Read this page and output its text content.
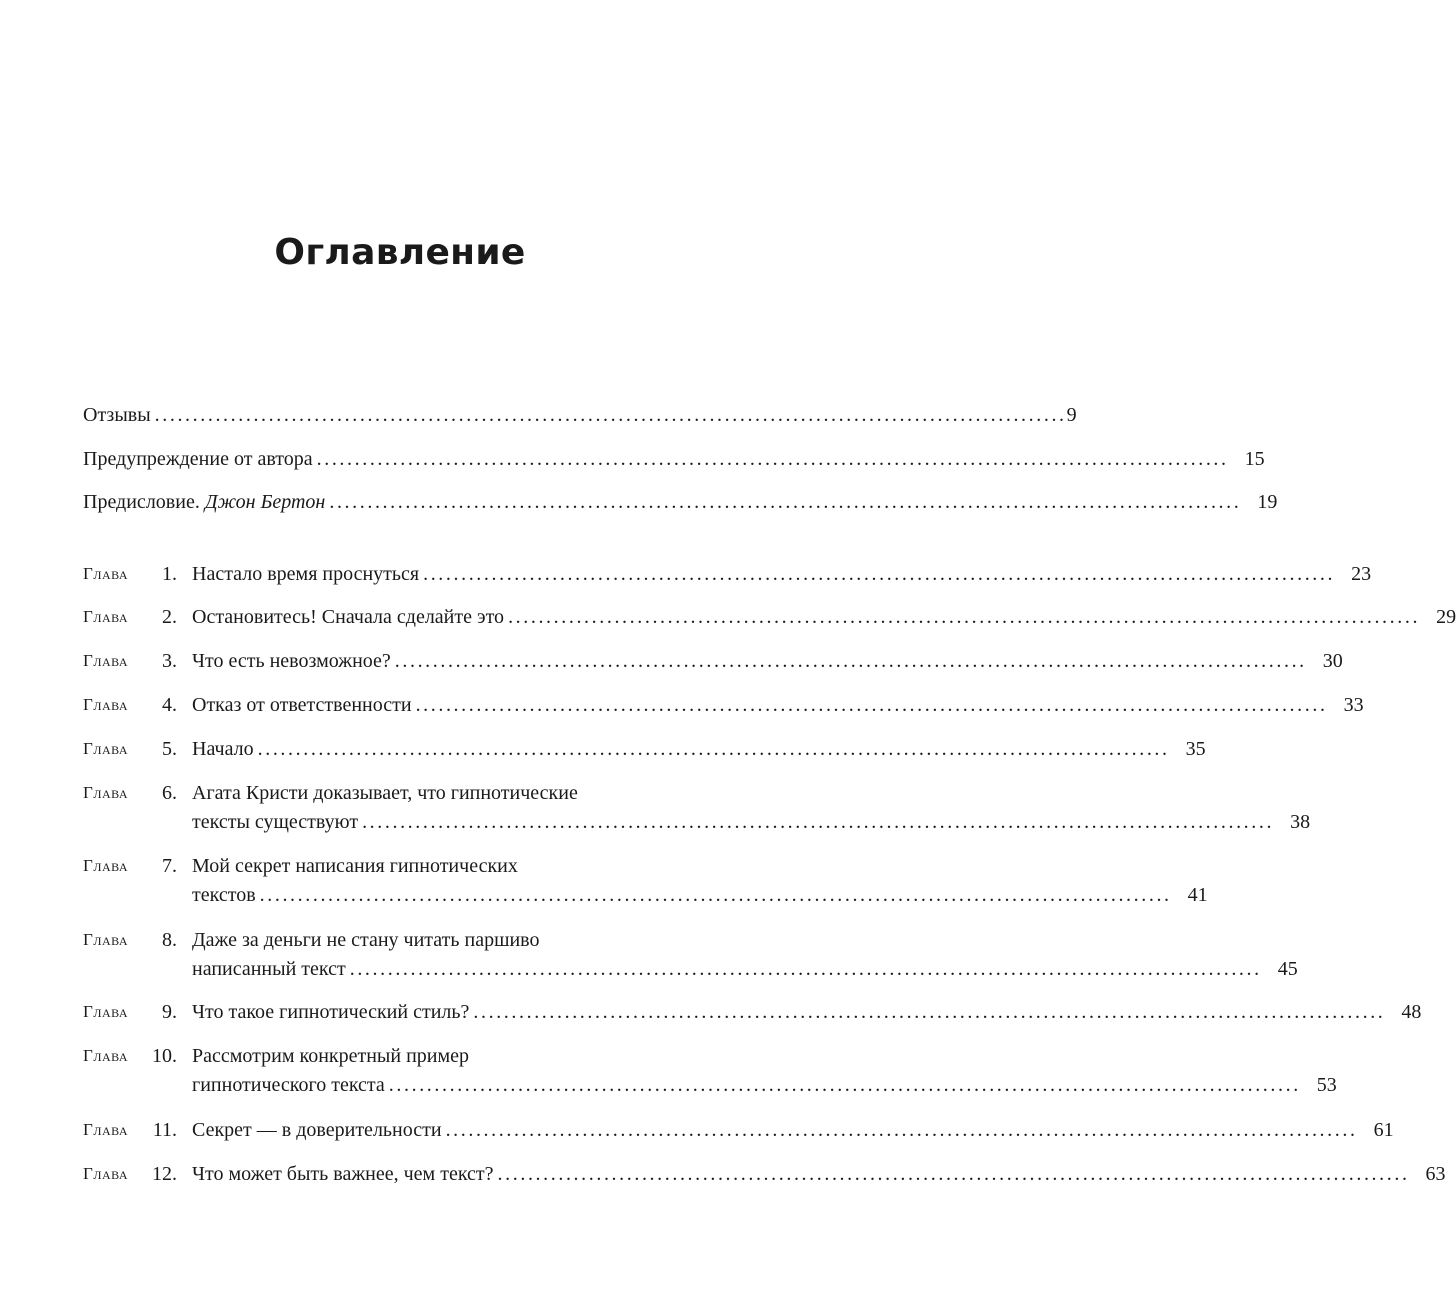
Оглавление
Отзывы ........................................................................................................................ 9
Предупреждение от автора ........................................................................................................................ 15
Предисловие. Джон Бертон ........................................................................................................................ 19
Глава	1. Настало время проснуться ........................................................................................................................ 23
Глава	2. Остановитесь! Сначала сделайте это ........................................................................................................................ 29
Глава	3. Что есть невозможное? ........................................................................................................................ 30
Глава	4. Отказ от ответственности ........................................................................................................................ 33
Глава	5. Начало ........................................................................................................................ 35
Глава	6. Агата Кристи доказывает, что гипнотические
тексты существуют ........................................................................................................................ 38
Глава	7. Мой секрет написания гипнотических
текстов ........................................................................................................................ 41
Глава	8. Даже за деньги не стану читать паршиво
написанный текст ........................................................................................................................ 45
Глава	9. Что такое гипнотический стиль? ........................................................................................................................ 48
Глава	10. Рассмотрим конкретный пример
гипнотического текста ........................................................................................................................ 53
Глава	11. Секрет — в доверительности ........................................................................................................................ 61
Глава	12. Что может быть важнее, чем текст? ........................................................................................................................ 63
